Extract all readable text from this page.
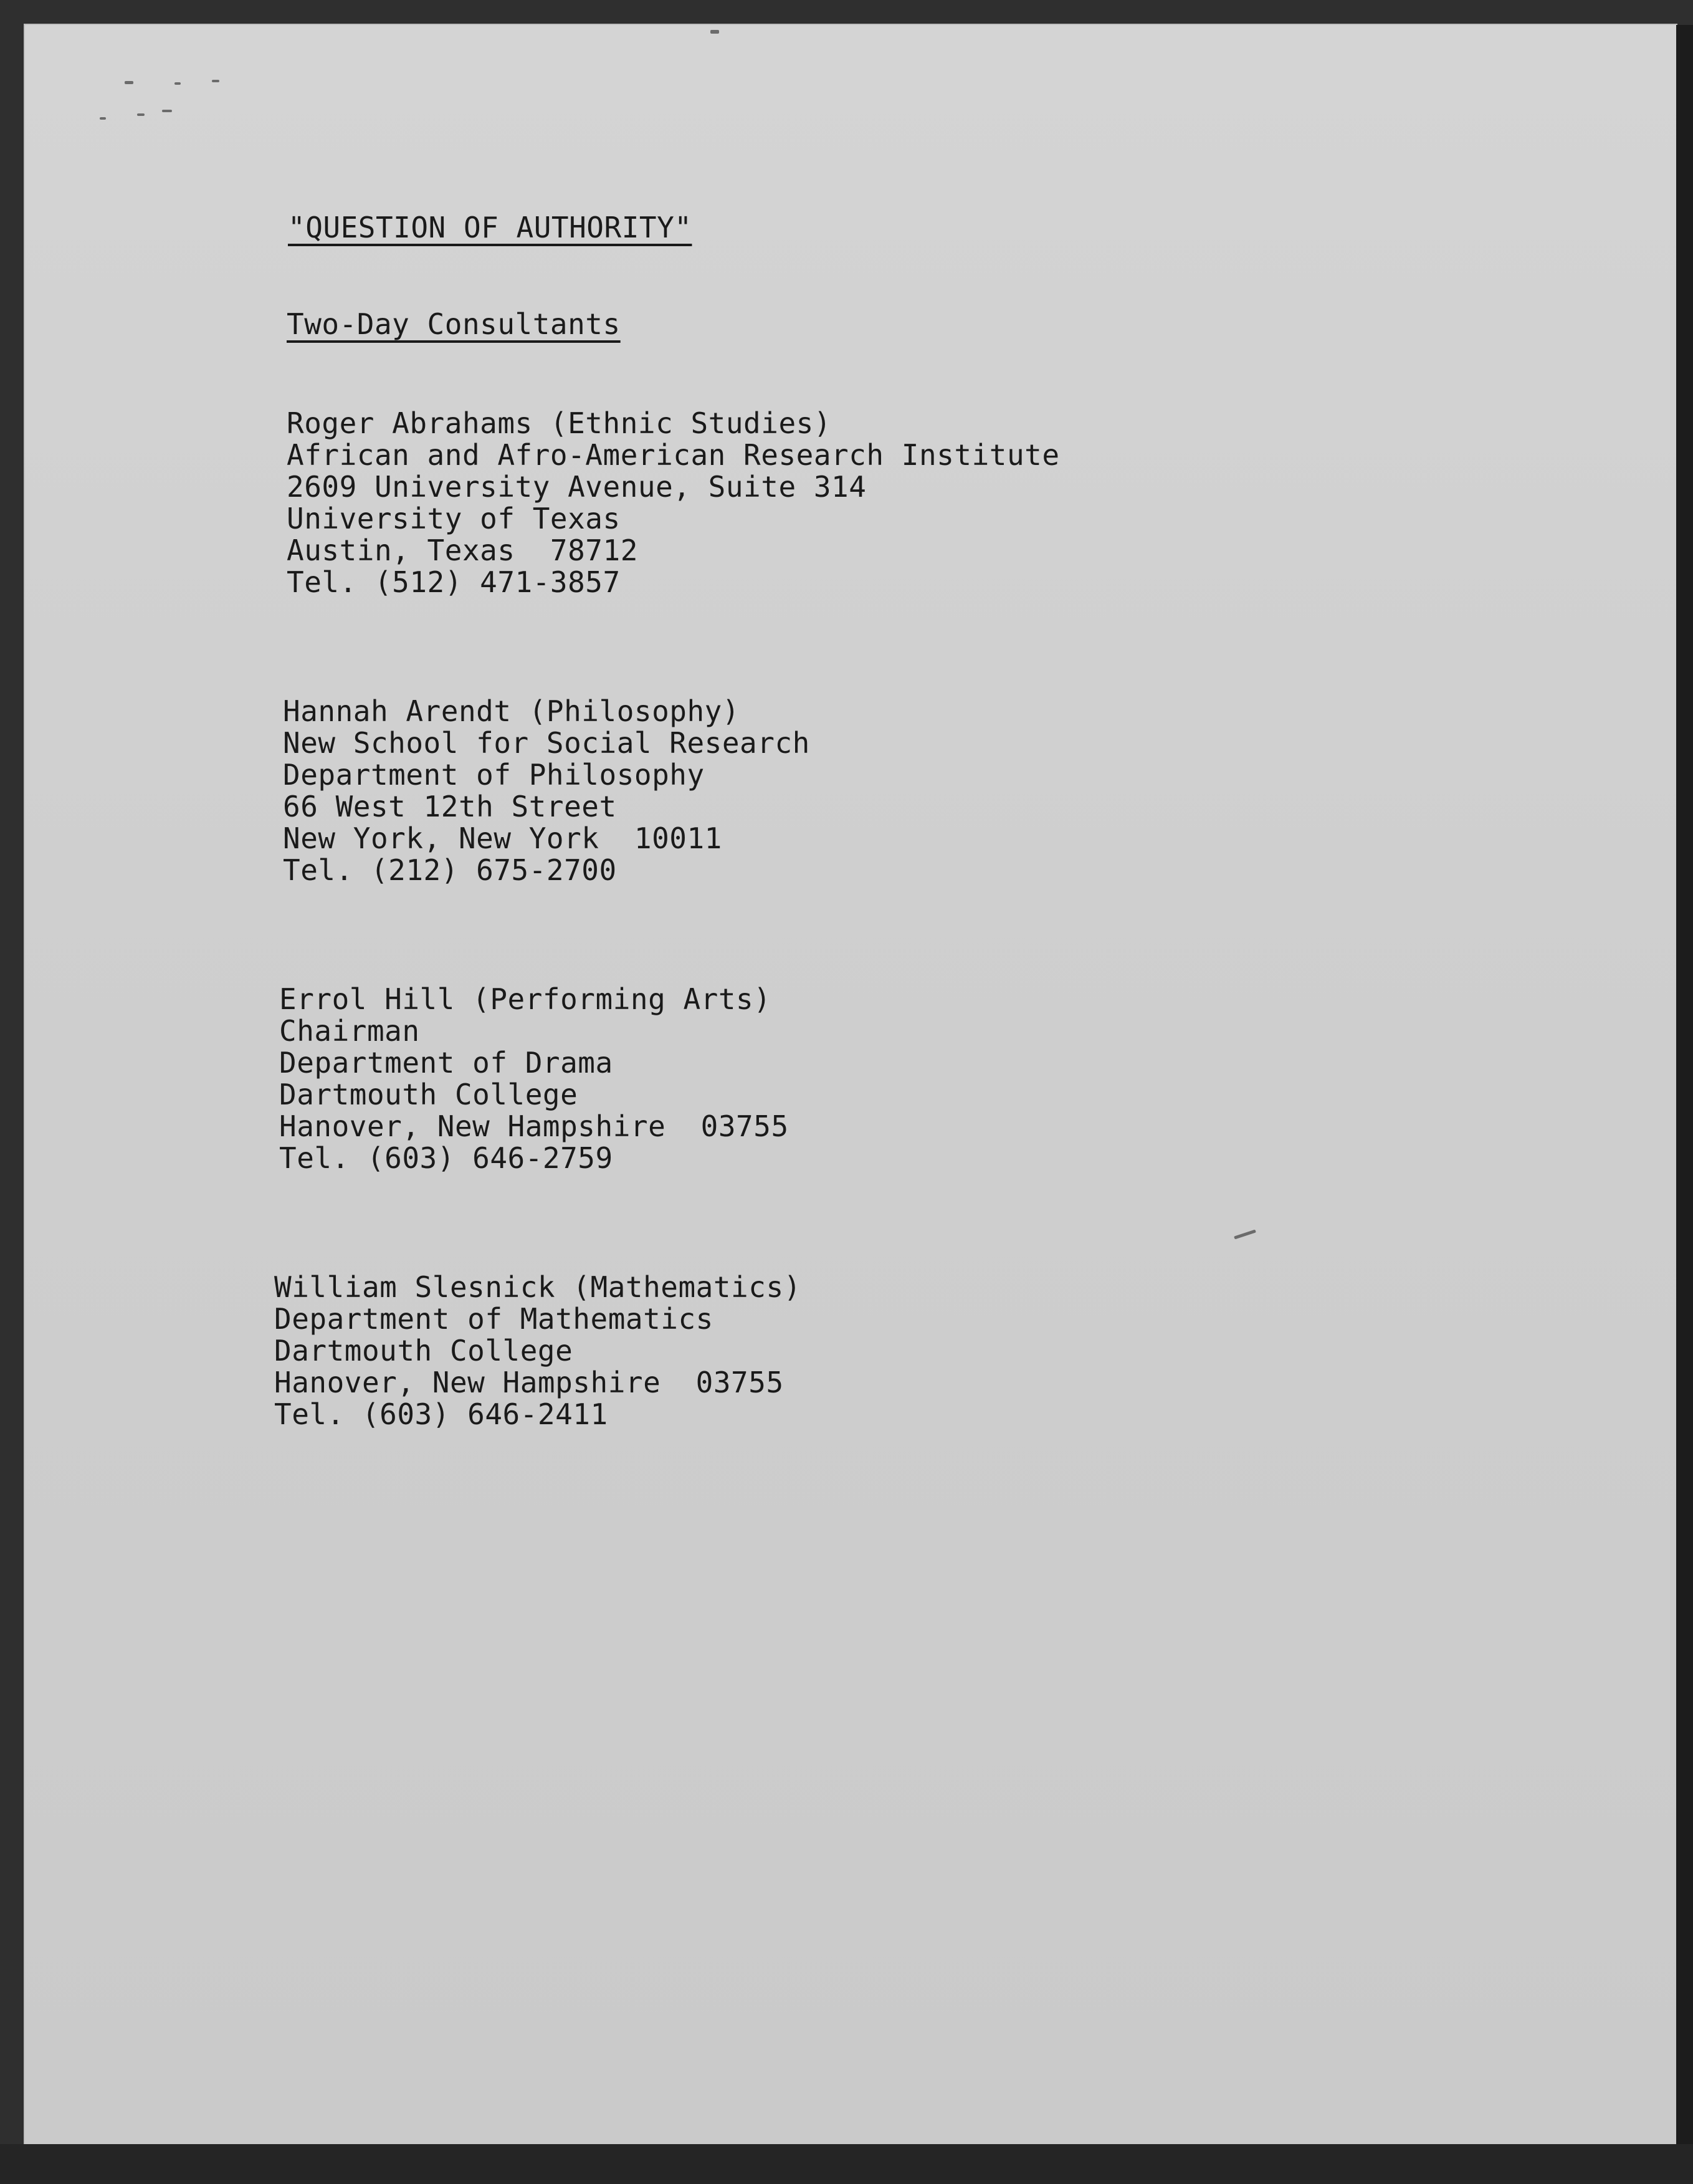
"QUESTION OF AUTHORITY"
Two-Day Consultants
Roger Abrahams (Ethnic Studies)
African and Afro-American Research Institute
2609 University Avenue, Suite 314
University of Texas
Austin, Texas  78712
Tel. (512) 471-3857
Hannah Arendt (Philosophy)
New School for Social Research
Department of Philosophy
66 West 12th Street
New York, New York  10011
Tel. (212) 675-2700
Errol Hill (Performing Arts)
Chairman
Department of Drama
Dartmouth College
Hanover, New Hampshire  03755
Tel. (603) 646-2759
William Slesnick (Mathematics)
Department of Mathematics
Dartmouth College
Hanover, New Hampshire  03755
Tel. (603) 646-2411
